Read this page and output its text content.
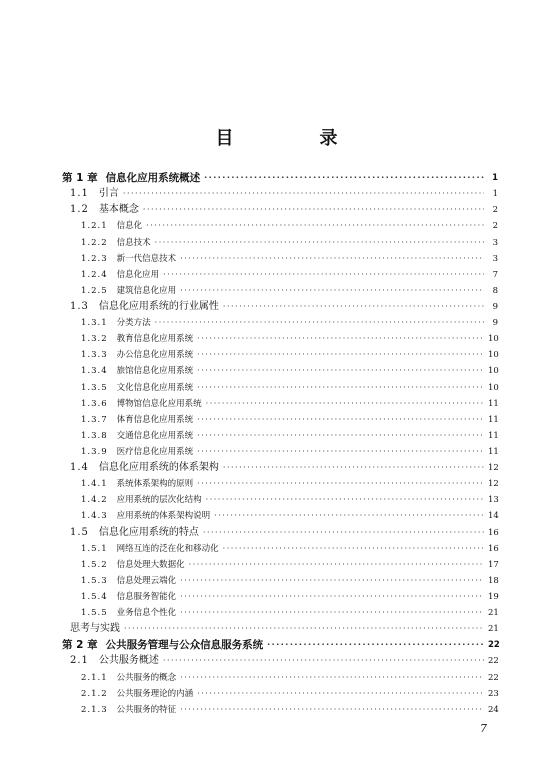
目　录
第 1 章 信息化应用系统概述 ·····	1
1.1 引言 ·····	1
1.2 基本概念 ·····	2
1.2.1 信息化 ·····	2
1.2.2 信息技术 ·····	3
1.2.3 新一代信息技术 ·····	3
1.2.4 信息化应用 ·····	7
1.2.5 建筑信息化应用 ·····	8
1.3 信息化应用系统的行业属性 ·····	9
1.3.1 分类方法 ·····	9
1.3.2 教育信息化应用系统 ·····	10
1.3.3 办公信息化应用系统 ·····	10
1.3.4 旅馆信息化应用系统 ·····	10
1.3.5 文化信息化应用系统 ·····	10
1.3.6 博物馆信息化应用系统 ·····	11
1.3.7 体育信息化应用系统 ·····	11
1.3.8 交通信息化应用系统 ·····	11
1.3.9 医疗信息化应用系统 ·····	11
1.4 信息化应用系统的体系架构 ·····	12
1.4.1 系统体系架构的原则 ·····	12
1.4.2 应用系统的层次化结构 ·····	13
1.4.3 应用系统的体系架构说明 ·····	14
1.5 信息化应用系统的特点 ·····	16
1.5.1 网络互连的泛在化和移动化 ·····	16
1.5.2 信息处理大数据化 ·····	17
1.5.3 信息处理云端化 ·····	18
1.5.4 信息服务智能化 ·····	19
1.5.5 业务信息个性化 ·····	21
思考与实践 ·····	21
第 2 章 公共服务管理与公众信息服务系统 ·····	22
2.1 公共服务概述 ·····	22
2.1.1 公共服务的概念 ·····	22
2.1.2 公共服务理论的内涵 ·····	23
2.1.3 公共服务的特征 ·····	24
7
